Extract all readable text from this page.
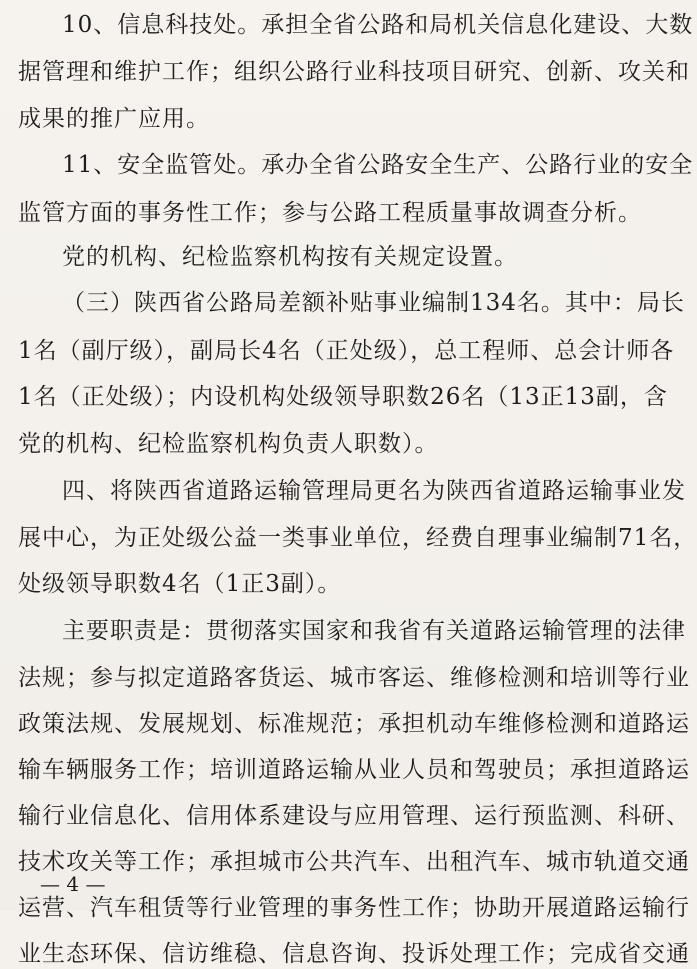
10、信息科技处。承担全省公路和局机关信息化建设、大数
据管理和维护工作；组织公路行业科技项目研究、创新、攻关和
成果的推广应用。
11、安全监管处。承办全省公路安全生产、公路行业的安全
监管方面的事务性工作；参与公路工程质量事故调查分析。
党的机构、纪检监察机构按有关规定设置。
（三）陕西省公路局差额补贴事业编制134名。其中：局长
1名（副厅级），副局长4名（正处级），总工程师、总会计师各
1名（正处级）；内设机构处级领导职数26名（13正13副，含
党的机构、纪检监察机构负责人职数）。
四、将陕西省道路运输管理局更名为陕西省道路运输事业发
展中心，为正处级公益一类事业单位，经费自理事业编制71名，
处级领导职数4名（1正3副）。
主要职责是：贯彻落实国家和我省有关道路运输管理的法律
法规；参与拟定道路客货运、城市客运、维修检测和培训等行业
政策法规、发展规划、标准规范；承担机动车维修检测和道路运
输车辆服务工作；培训道路运输从业人员和驾驶员；承担道路运
输行业信息化、信用体系建设与应用管理、运行预监测、科研、
技术攻关等工作；承担城市公共汽车、出租汽车、城市轨道交通
运营、汽车租赁等行业管理的事务性工作；协助开展道路运输行
业生态环保、信访维稳、信息咨询、投诉处理工作；完成省交通
— 4 —
